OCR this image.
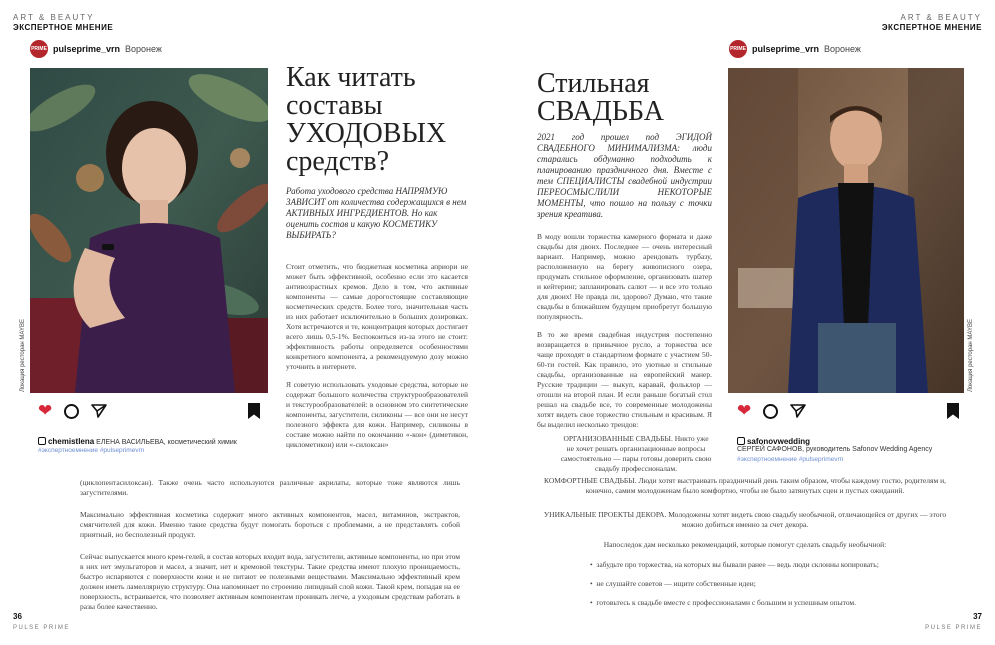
ART & BEAUTY
ЭКСПЕРТНОЕ МНЕНИЕ
PRIME pulseprime_vrn Воронеж
Локация ресторан MAYBE
❤
chemistlena ЕЛЕНА ВАСИЛЬЕВА, косметический химик
#экспертноемнение #pulseprimevrn
Как читать
составы
УХОДОВЫХ
средств?
Работа уходового средства НАПРЯМУЮ ЗАВИСИТ от количества содержащихся в нем АКТИВНЫХ ИНГРЕДИЕНТОВ. Но как оценить состав и какую КОСМЕТИКУ ВЫБИРАТЬ?

Стоит отметить, что бюджетная косметика априори не может быть эффективной, особенно если это касается антивозрастных кремов. Дело в том, что активные компоненты — самые дорогостоящие составляющие косметических средств. Более того, значительная часть из них работает исключительно в больших дозировках. Хотя встречаются и те, концентрация которых достигает всего лишь 0,5-1%. Беспокоиться из-за этого не стоит: эффективность работы определяется особенностями конкретного компонента, а рекомендуемую дозу можно уточнить в интернете.

Я советую использовать уходовые средства, которые не содержат большого количества структурообразователей и текстурообразователей: в основном это синтетические компоненты, загустители, силиконы — все они не несут полезного эффекта для кожи. Например, силиконы в составе можно найти по окончанию «-кон» (диметикон, циклометикон) или «-силоксан»

(циклопентасилоксан). Также очень часто используются различные акрилаты, которые тоже являются лишь загустителями.

Максимально эффективная косметика содержит много активных компонентов, масел, витаминов, экстрактов, смягчителей для кожи. Именно такие средства будут помогать бороться с проблемами, а не представлять собой приятный, но бесполезный продукт.

Сейчас выпускается много крем-гелей, в состав которых входит вода, загустители, активные компоненты, но при этом в них нет эмульгаторов и масел, а значит, нет и кремовой текстуры. Такие средства имеют плохую проницаемость, быстро испаряются с поверхности кожи и не питают ее полезными веществами. Максимально эффективный крем должен иметь ламеллярную структуру. Она напоминает по строению липидный слой кожи. Такой крем, попадая на ее поверхность, встраивается, что позволяет активным компонентам проникать легче, а уходовым средствам работать в разы более качественно.

36
PULSE PRIME
ART & BEAUTY
ЭКСПЕРТНОЕ МНЕНИЕ
PRIME pulseprime_vrn Воронеж
Локация ресторан MAYBE
❤
safonovwedding
СЕРГЕЙ САФОНОВ, руководитель Safonov Wedding Agency
#экспертноемнение #pulseprimevrn
Стильная
СВАДЬБА
2021 год прошел под ЭГИДОЙ СВАДЕБНОГО МИНИМАЛИЗМА: люди старались обдуманно подходить к планированию праздничного дня. Вместе с тем СПЕЦИАЛИСТЫ свадебной индустрии ПЕРЕОСМЫСЛИЛИ НЕКОТОРЫЕ МОМЕНТЫ, что пошло на пользу с точки зрения креатива.

В моду вошли торжества камерного формата и даже свадьбы для двоих. Последнее — очень интересный вариант. Например, можно арендовать турбазу, расположенную на берегу живописного озера, продумать стильное оформление, организовать шатер и кейтеринг, запланировать салют — и все это только для двоих! Не правда ли, здорово? Думаю, что такие свадьбы в ближайшем будущем приобретут большую популярность.

В то же время свадебная индустрия постепенно возвращается в привычное русло, а торжества все чаще проходят в стандартном формате с участием 50-60-ти гостей. Как правило, это уютные и стильные свадьбы, организованные на европейский манер. Русские традиции — выкуп, каравай, фольклор — отошли на второй план. И если раньше богатый стол решал на свадьбе все, то современные молодожены хотят видеть свое торжество стильным и красивым. Я бы выделил несколько трендов:

ОРГАНИЗОВАННЫЕ СВАДЬБЫ. Никто уже не хочет решать организационные вопросы самостоятельно — пары готовы доверить свою свадьбу профессионалам.

КОМФОРТНЫЕ СВАДЬБЫ. Люди хотят выстраивать праздничный день таким образом, чтобы каждому гостю, родителям и, конечно, самим молодоженам было комфортно, чтобы не было затянутых сцен и пустых ожиданий.

УНИКАЛЬНЫЕ ПРОЕКТЫ ДЕКОРА. Молодожены хотят видеть свою свадьбу необычной, отличающейся от других — этого можно добиться именно за счет декора.

Напоследок дам несколько рекомендаций, которые помогут сделать свадьбу необычной:

•  забудьте про торжества, на которых вы бывали ранее — ведь люди склонны копировать;
•  не слушайте советов — ищите собственные идеи;
•  готовьтесь к свадьбе вместе с профессионалами с большим и успешным опытом.
37
PULSE PRIME
